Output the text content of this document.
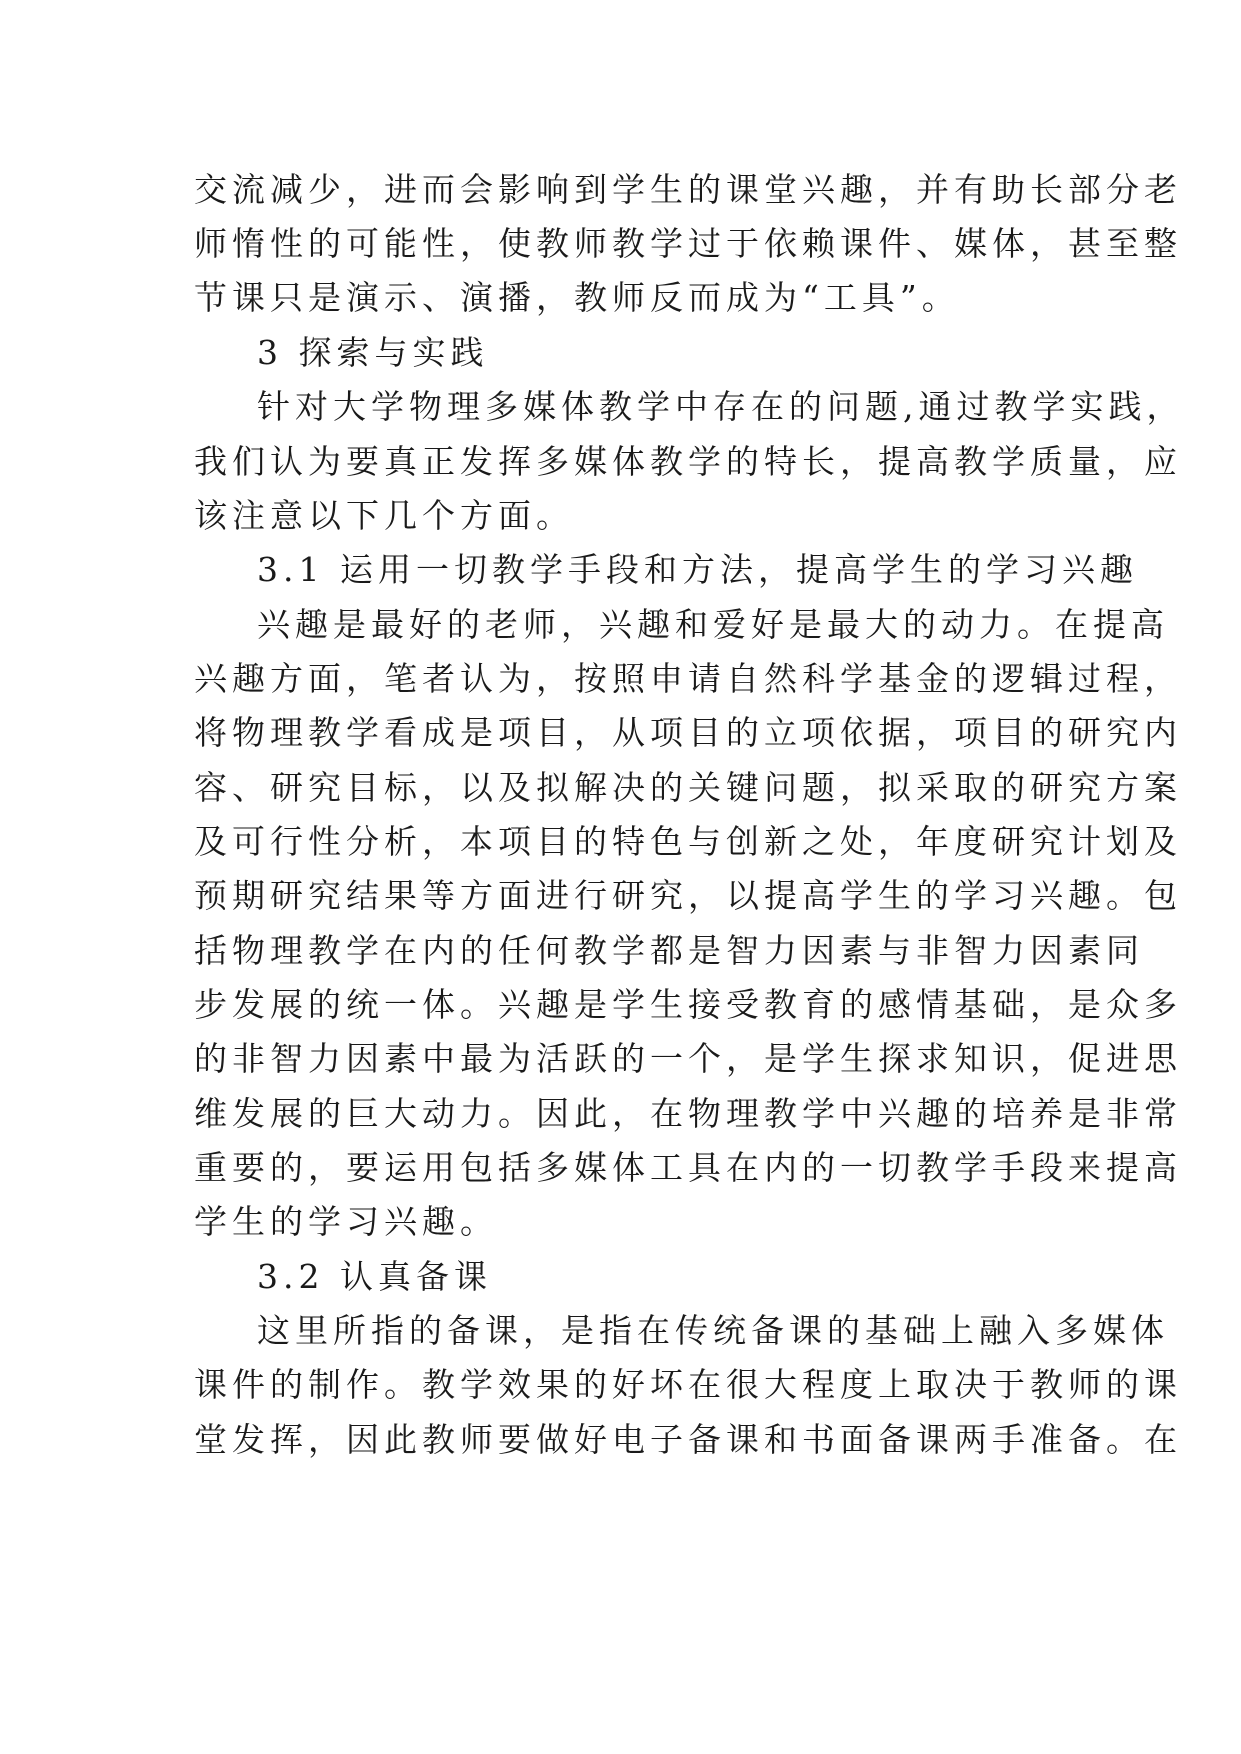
交流减少，进而会影响到学生的课堂兴趣，并有助长部分老
师惰性的可能性，使教师教学过于依赖课件、媒体，甚至整
节课只是演示、演播，教师反而成为“工具”。
3 探索与实践
针对大学物理多媒体教学中存在的问题,通过教学实践，
我们认为要真正发挥多媒体教学的特长，提高教学质量，应
该注意以下几个方面。
3.1 运用一切教学手段和方法，提高学生的学习兴趣
兴趣是最好的老师，兴趣和爱好是最大的动力。在提高
兴趣方面，笔者认为，按照申请自然科学基金的逻辑过程，
将物理教学看成是项目，从项目的立项依据，项目的研究内
容、研究目标，以及拟解决的关键问题，拟采取的研究方案
及可行性分析，本项目的特色与创新之处，年度研究计划及
预期研究结果等方面进行研究，以提高学生的学习兴趣。包
括物理教学在内的任何教学都是智力因素与非智力因素同
步发展的统一体。兴趣是学生接受教育的感情基础，是众多
的非智力因素中最为活跃的一个，是学生探求知识，促进思
维发展的巨大动力。因此，在物理教学中兴趣的培养是非常
重要的，要运用包括多媒体工具在内的一切教学手段来提高
学生的学习兴趣。
3.2 认真备课
这里所指的备课，是指在传统备课的基础上融入多媒体
课件的制作。教学效果的好坏在很大程度上取决于教师的课
堂发挥，因此教师要做好电子备课和书面备课两手准备。在
